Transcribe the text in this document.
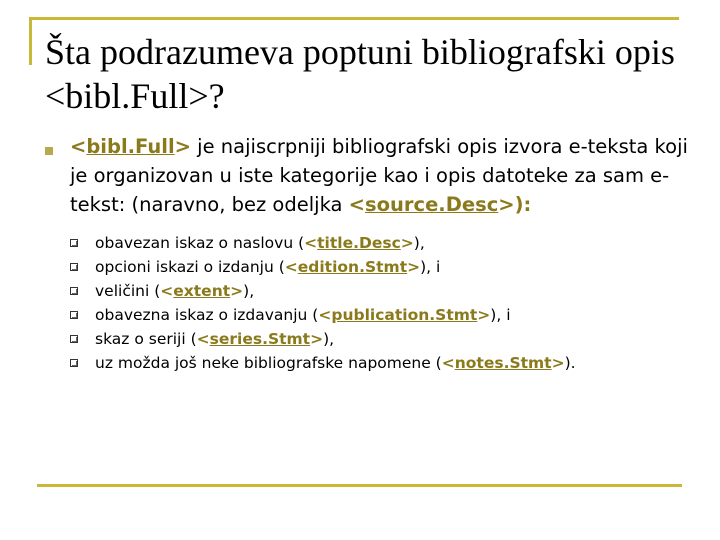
Šta podrazumeva poptuni bibliografski opis <bibl.Full>?
<bibl.Full> je najiscrpniji bibliografski opis izvora e-teksta koji je organizovan u iste kategorije kao i opis datoteke za sam e-tekst: (naravno, bez odeljka <source.Desc>):
obavezan iskaz o naslovu (<title.Desc>),
opcioni iskazi o izdanju (<edition.Stmt>), i
veličini (<extent>),
obavezna iskaz o izdavanju (<publication.Stmt>), i
skaz o seriji (<series.Stmt>),
uz možda još neke bibliografske napomene (<notes.Stmt>).
